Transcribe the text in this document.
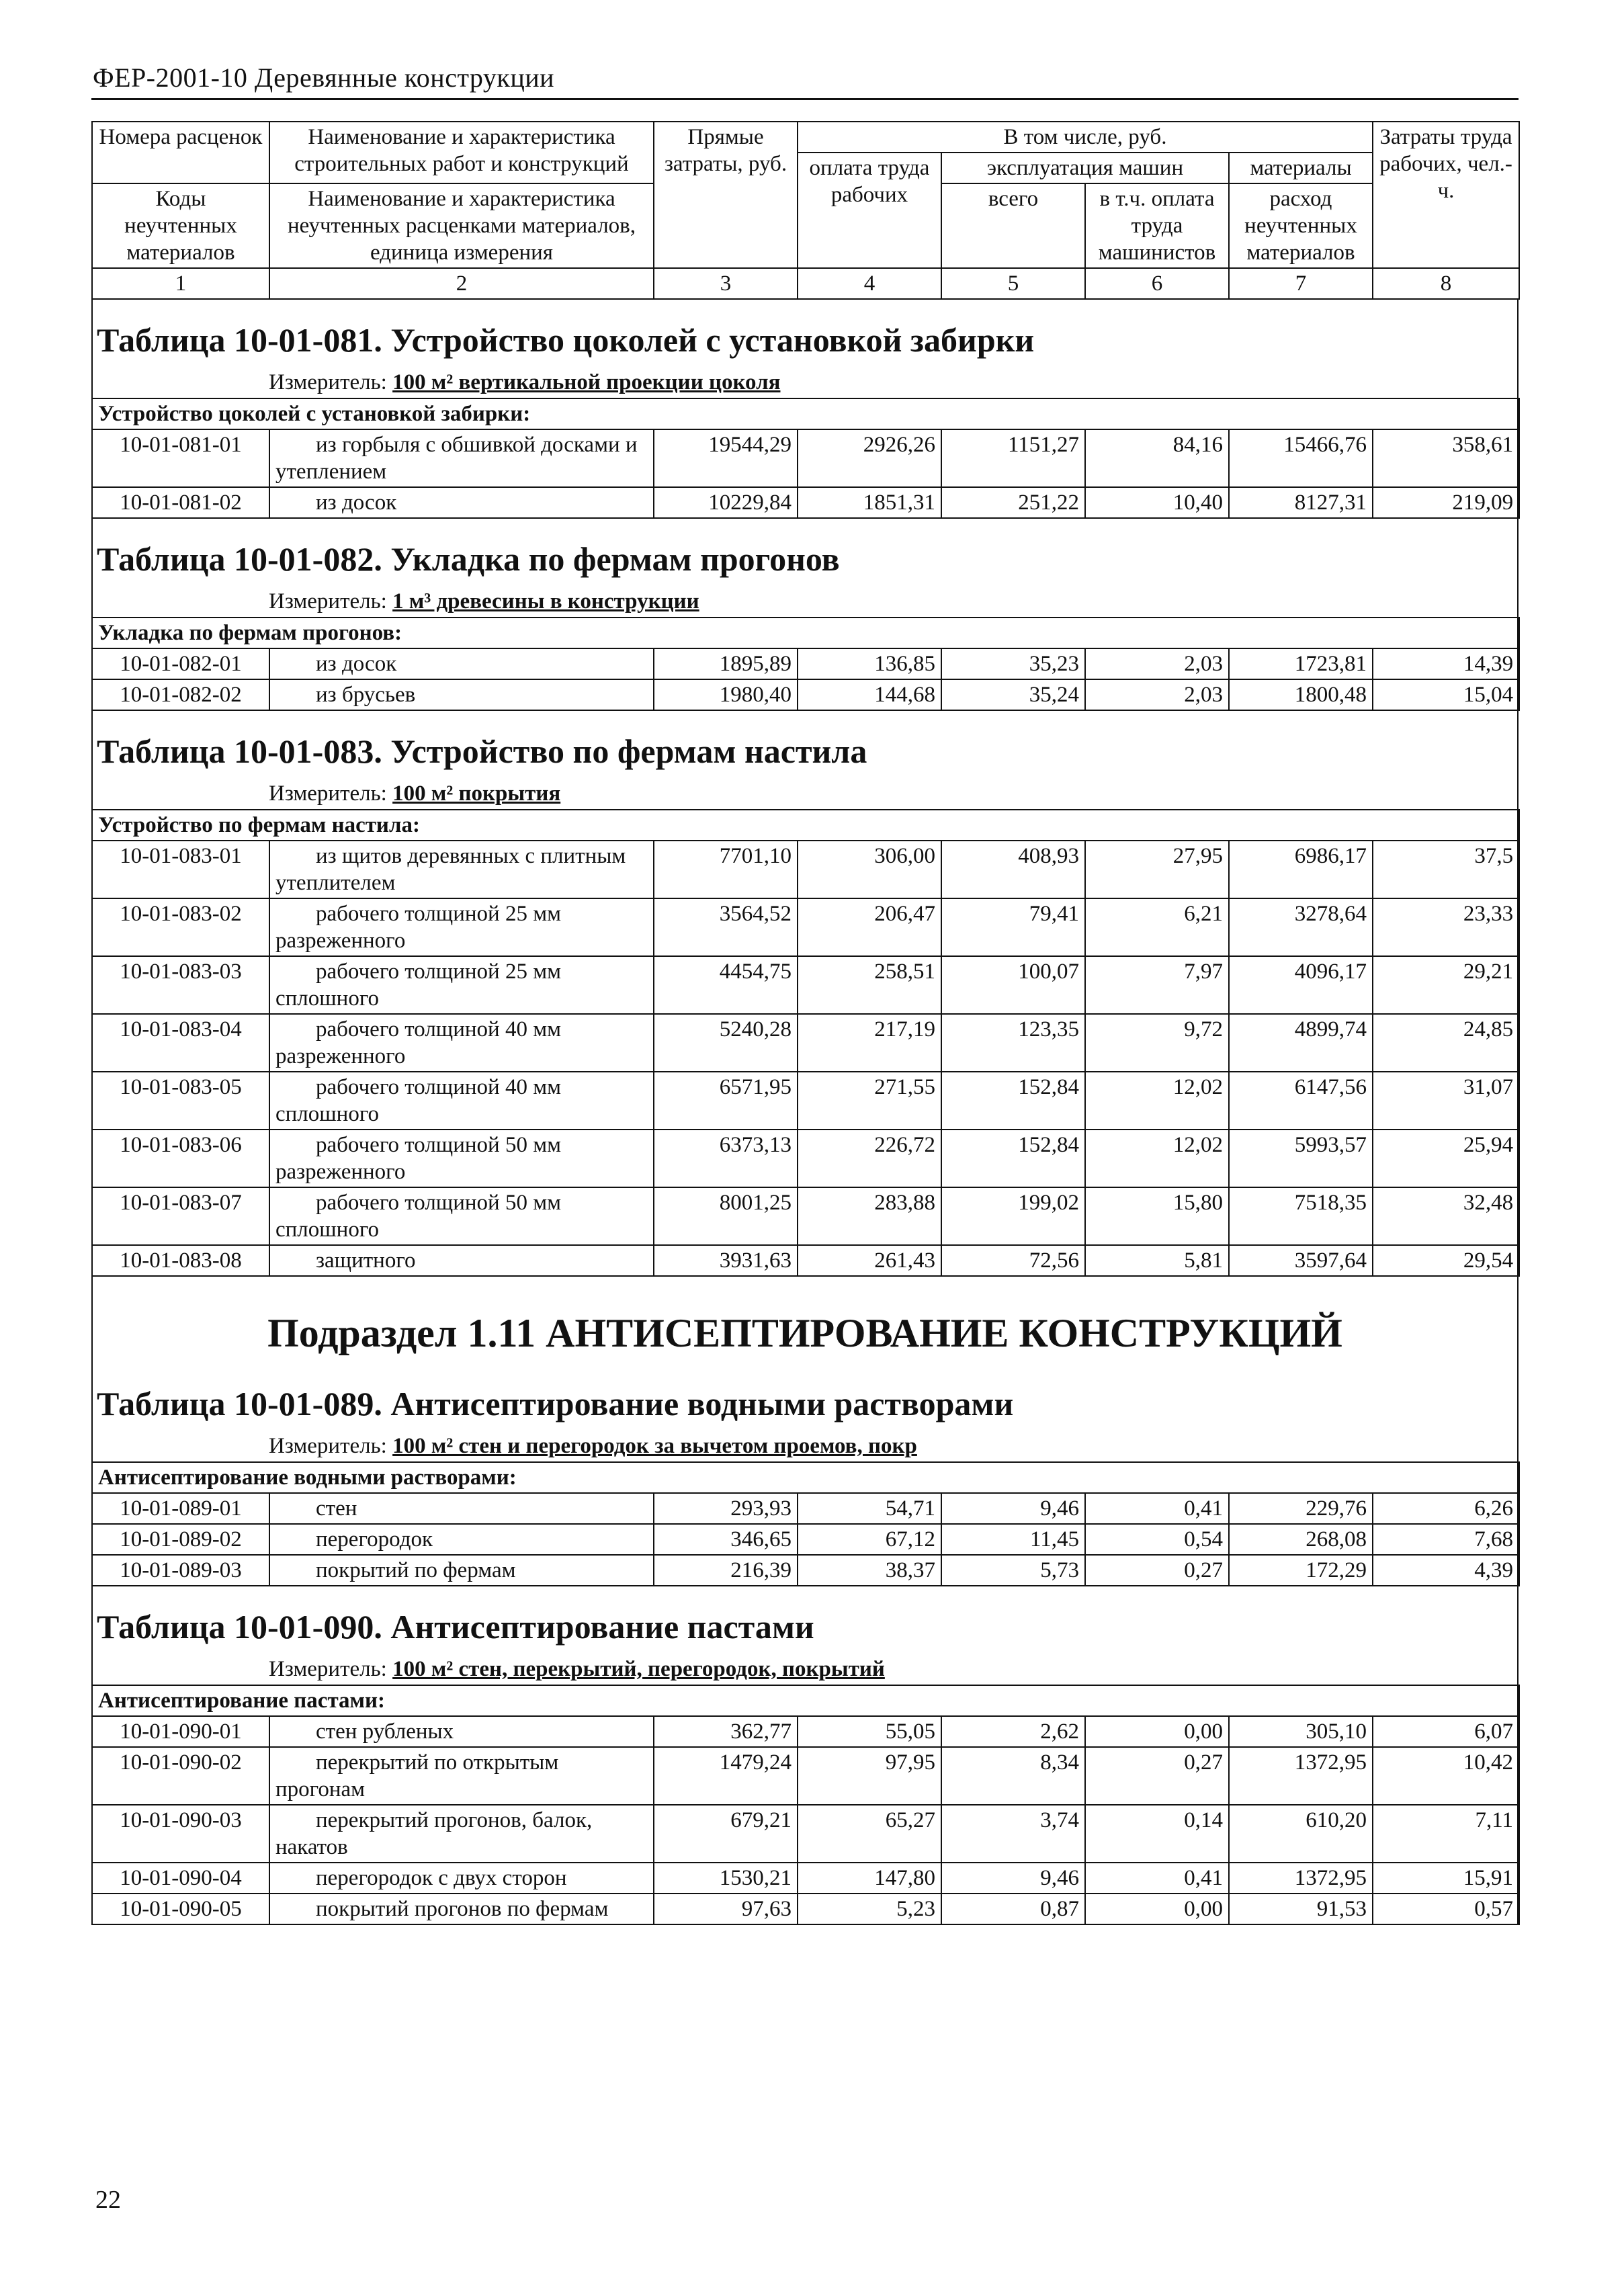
ФЕР-2001-10 Деревянные конструкции
Номера расценок	Наименование и характеристика строительных работ и конструкций	Прямые затраты, руб.	В том числе, руб.				Затраты труда рабочих, чел.-ч.
			оплата труда рабочих	эксплуатация машин		материалы	
Коды неучтенных материалов	Наименование и характеристика неучтенных расценками материалов, единица измерения			всего	в т.ч. оплата труда машинистов	расход неучтенных материалов	

1	2	3	4	5	6	7	8
Таблица 10-01-081. Устройство цоколей с установкой забирки
Измеритель: 100 м² вертикальной проекции цоколя
Устройство цоколей с установкой забирки:							
10-01-081-01	из горбыля с обшивкой досками и утеплением	19544,29	2926,26	1151,27	84,16	15466,76	358,61
10-01-081-02	из досок	10229,84	1851,31	251,22	10,40	8127,31	219,09
Таблица 10-01-082. Укладка по фермам прогонов
Измеритель: 1 м³ древесины в конструкции
Укладка по фермам прогонов:							
10-01-082-01	из досок	1895,89	136,85	35,23	2,03	1723,81	14,39
10-01-082-02	из брусьев	1980,40	144,68	35,24	2,03	1800,48	15,04
Таблица 10-01-083. Устройство по фермам настила
Измеритель: 100 м² покрытия
Устройство по фермам настила:							
10-01-083-01	из щитов деревянных с плитным утеплителем	7701,10	306,00	408,93	27,95	6986,17	37,5
10-01-083-02	рабочего толщиной 25 мм разреженного	3564,52	206,47	79,41	6,21	3278,64	23,33
10-01-083-03	рабочего толщиной 25 мм сплошного	4454,75	258,51	100,07	7,97	4096,17	29,21
10-01-083-04	рабочего толщиной 40 мм разреженного	5240,28	217,19	123,35	9,72	4899,74	24,85
10-01-083-05	рабочего толщиной 40 мм сплошного	6571,95	271,55	152,84	12,02	6147,56	31,07
10-01-083-06	рабочего толщиной 50 мм разреженного	6373,13	226,72	152,84	12,02	5993,57	25,94
10-01-083-07	рабочего толщиной 50 мм сплошного	8001,25	283,88	199,02	15,80	7518,35	32,48
10-01-083-08	защитного	3931,63	261,43	72,56	5,81	3597,64	29,54
Подраздел 1.11 АНТИСЕПТИРОВАНИЕ КОНСТРУКЦИЙ
Таблица 10-01-089. Антисептирование водными растворами
Измеритель: 100 м² стен и перегородок за вычетом проемов, покр
Антисептирование водными растворами:							
10-01-089-01	стен	293,93	54,71	9,46	0,41	229,76	6,26
10-01-089-02	перегородок	346,65	67,12	11,45	0,54	268,08	7,68
10-01-089-03	покрытий по фермам	216,39	38,37	5,73	0,27	172,29	4,39
Таблица 10-01-090. Антисептирование пастами
Измеритель: 100 м² стен, перекрытий, перегородок, покрытий
Антисептирование пастами:							
10-01-090-01	стен рубленых	362,77	55,05	2,62	0,00	305,10	6,07
10-01-090-02	перекрытий по открытым прогонам	1479,24	97,95	8,34	0,27	1372,95	10,42
10-01-090-03	перекрытий прогонов, балок, накатов	679,21	65,27	3,74	0,14	610,20	7,11
10-01-090-04	перегородок с двух сторон	1530,21	147,80	9,46	0,41	1372,95	15,91
10-01-090-05	покрытий прогонов по фермам	97,63	5,23	0,87	0,00	91,53	0,57
22
